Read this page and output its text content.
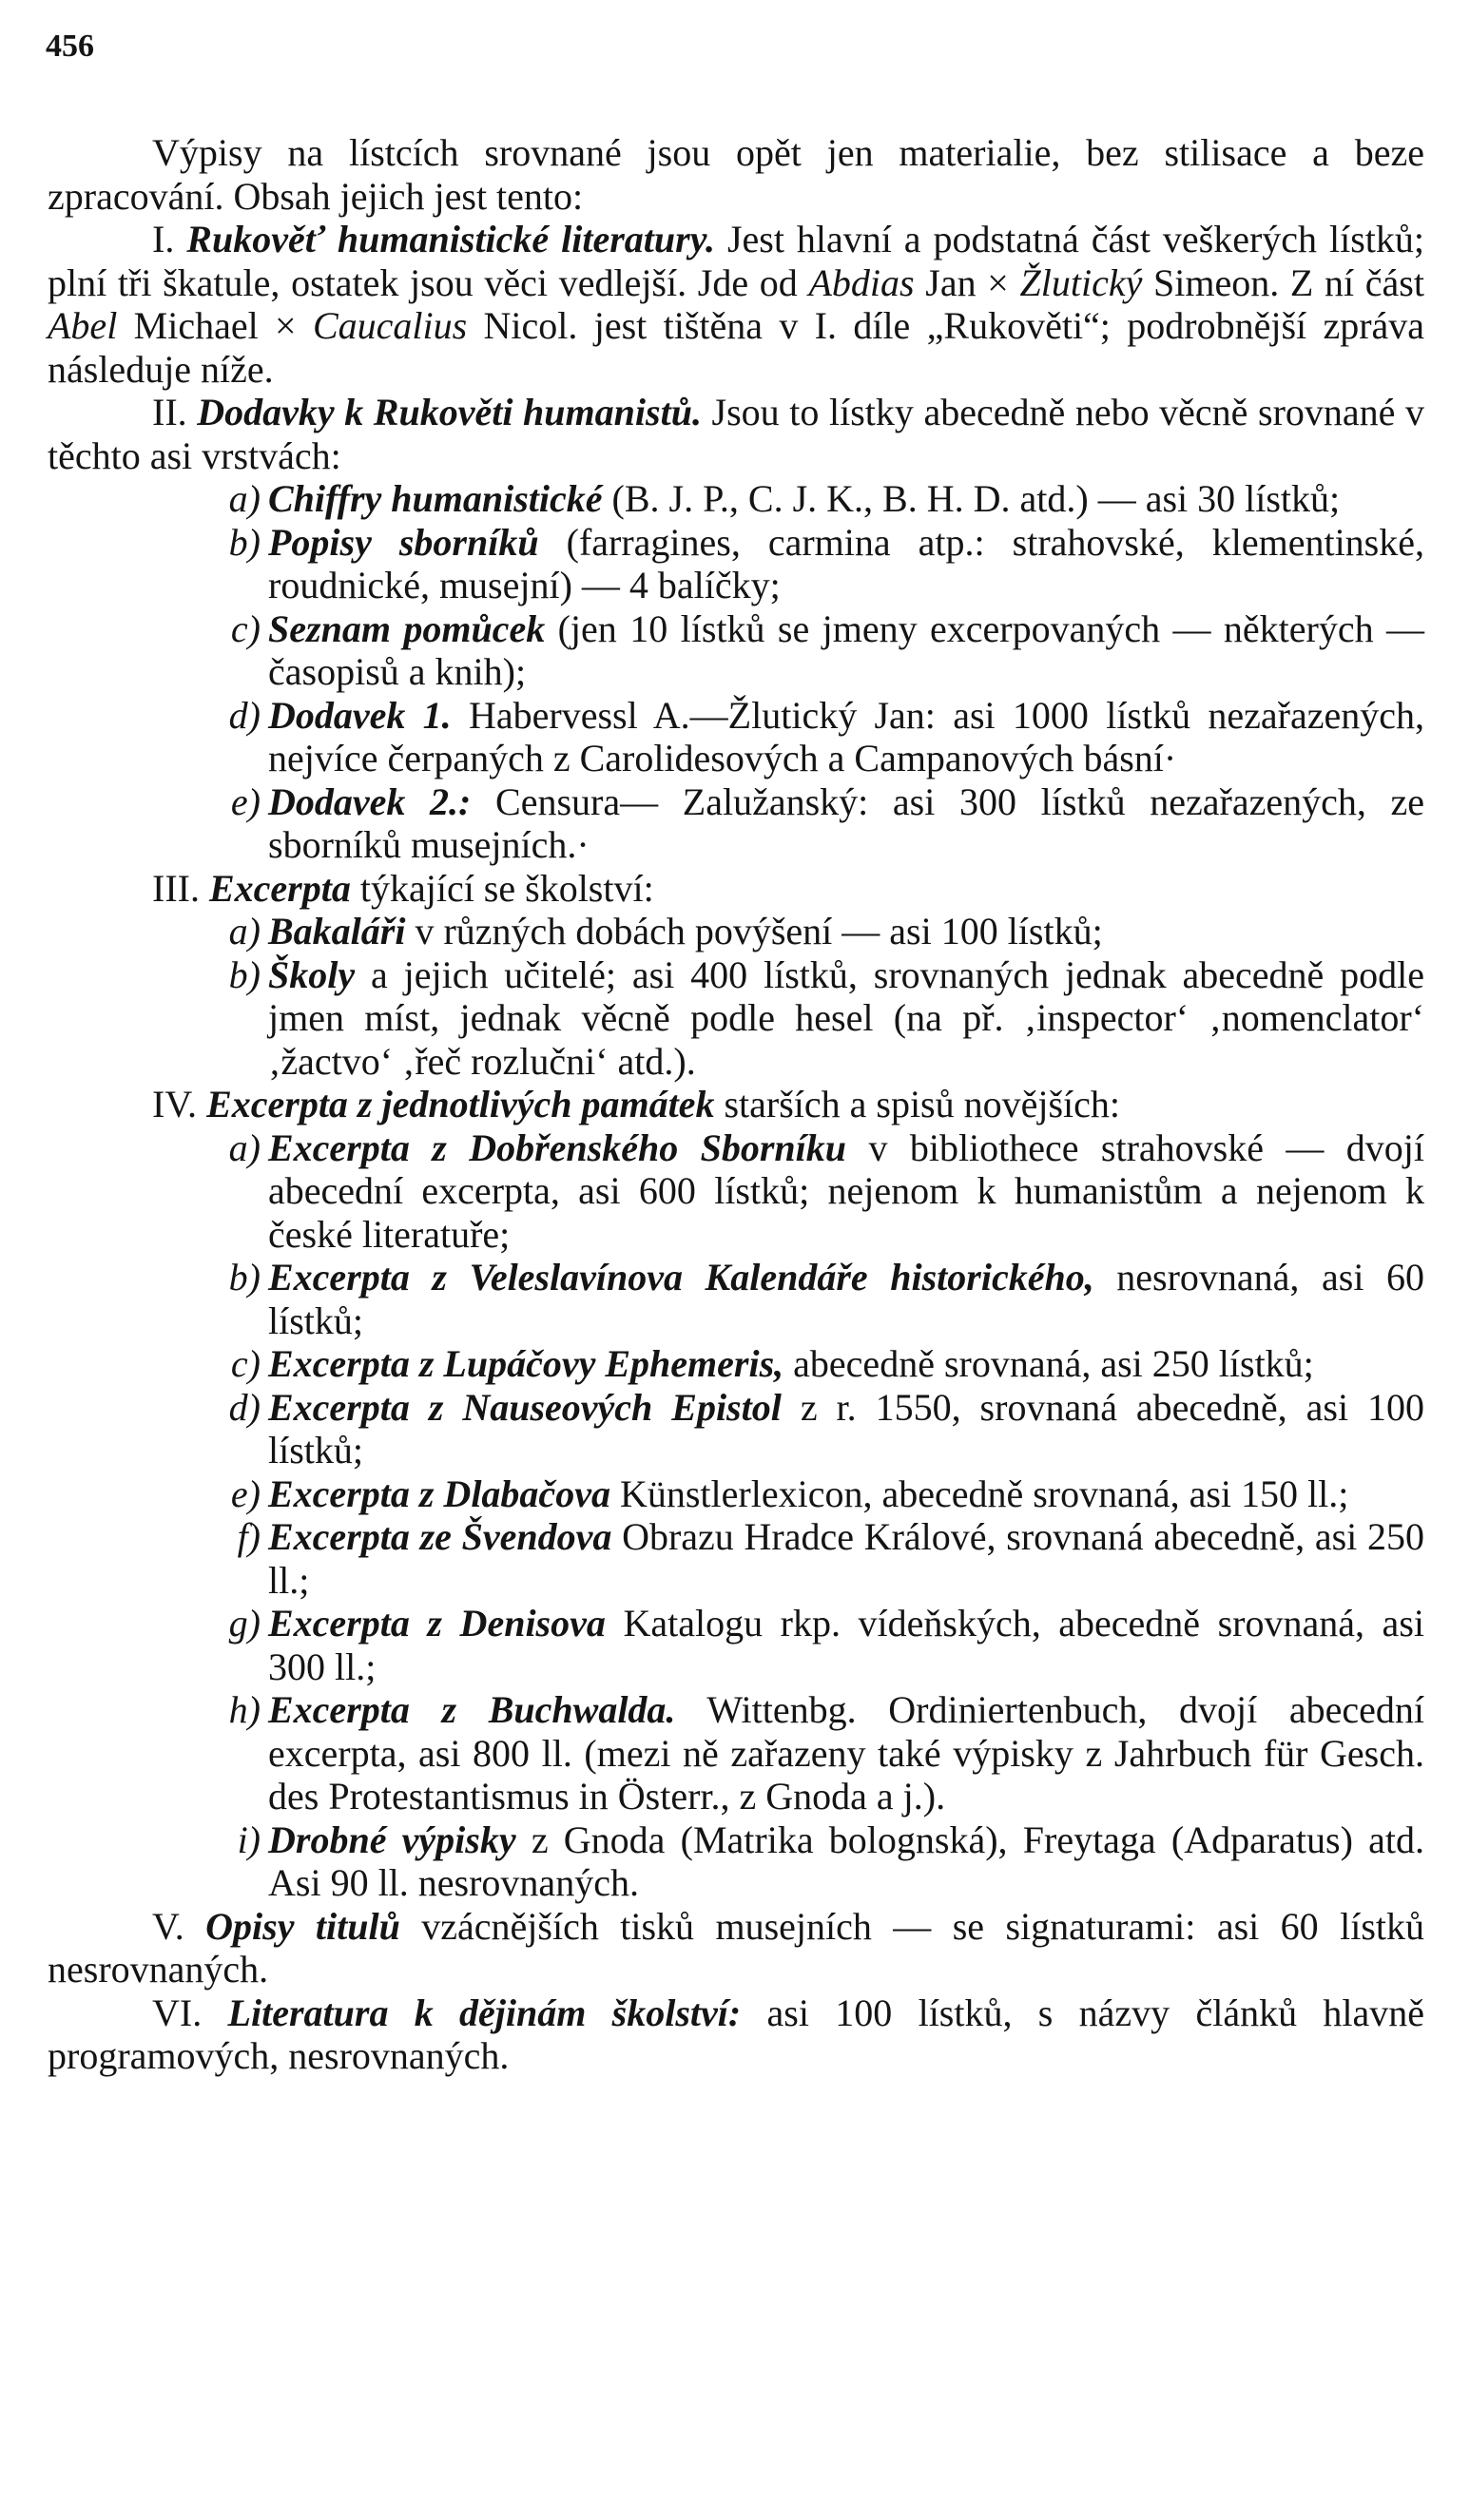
456

Výpisy na lístcích srovnané jsou opět jen materialie, bez stilisace a beze zpracování. Obsah jejich jest tento:

I. Rukověť humanistické literatury. Jest hlavní a podstatná část veškerých lístků; plní tři škatule, ostatek jsou věci vedlejší. Jde od Abdias Jan × Žlutický Simeon. Z ní část Abel Michael × Caucalius Nicol. jest tištěna v I. díle „Rukověti“; podrobnější zpráva následuje níže.

II. Dodavky k Rukověti humanistů. Jsou to lístky abecedně nebo věcně srovnané v těchto asi vrstvách:

a) Chiffry humanistické (B. J. P., C. J. K., B. H. D. atd.) — asi 30 lístků;
b) Popisy sborníků (farragines, carmina atp.: strahovské, klementinské, roudnické, musejní) — 4 balíčky;
c) Seznam pomůcek (jen 10 lístků se jmeny excerpovaných — některých — časopisů a knih);
d) Dodavek 1. Habervessl A.—Žlutický Jan: asi 1000 lístků nezařazených, nejvíce čerpaných z Carolidesových a Campanových básní·
e) Dodavek 2.: Censura— Zalužanský: asi 300 lístků nezařazených, ze sborníků musejních.·

III. Excerpta týkající se školství:

a) Bakaláři v různých dobách povýšení — asi 100 lístků;
b) Školy a jejich učitelé; asi 400 lístků, srovnaných jednak abecedně podle jmen míst, jednak věcně podle hesel (na př. ‚inspector‘ ‚nomenclator‘ ‚žactvo‘ ‚řeč rozlučni‘ atd.).

IV. Excerpta z jednotlivých památek starších a spisů novějších:

a) Excerpta z Dobřenského Sborníku v bibliothece strahovské — dvojí abecední excerpta, asi 600 lístků; nejenom k humanistům a nejenom k české literatuře;
b) Excerpta z Veleslavínova Kalendáře historického, nesrovnaná, asi 60 lístků;
c) Excerpta z Lupáčovy Ephemeris, abecedně srovnaná, asi 250 lístků;
d) Excerpta z Nauseových Epistol z r. 1550, srovnaná abecedně, asi 100 lístků;
e) Excerpta z Dlabačova Künstlerlexicon, abecedně srovnaná, asi 150 ll.;
f) Excerpta ze Švendova Obrazu Hradce Králové, srovnaná abecedně, asi 250 ll.;
g) Excerpta z Denisova Katalogu rkp. vídeňských, abecedně srovnaná, asi 300 ll.;
h) Excerpta z Buchwalda. Wittenbg. Ordiniertenbuch, dvojí abecední excerpta, asi 800 ll. (mezi ně zařazeny také výpisky z Jahrbuch für Gesch. des Protestantismus in Österr., z Gnoda a j.).
i) Drobné výpisky z Gnoda (Matrika bolognská), Freytaga (Adparatus) atd. Asi 90 ll. nesrovnaných.

V. Opisy titulů vzácnějších tisků musejních — se signaturami: asi 60 lístků nesrovnaných.

VI. Literatura k dějinám školství: asi 100 lístků, s názvy článků hlavně programových, nesrovnaných.
